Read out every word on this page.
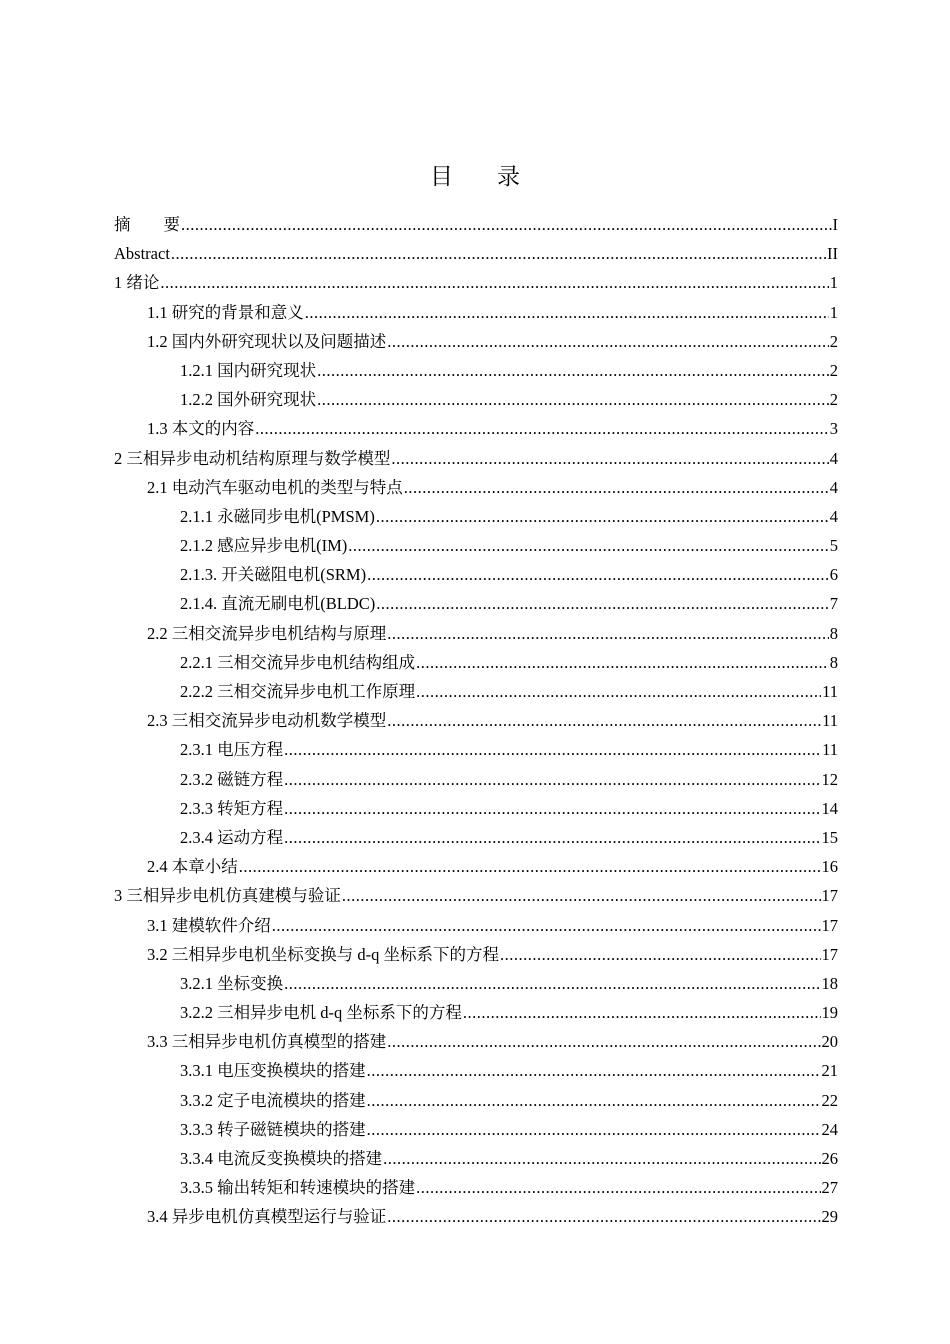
目 录
摘　　要 .....	I
Abstract .....	II
1 绪论 .....	1
1.1 研究的背景和意义 .....	1
1.2 国内外研究现状以及问题描述 .....	2
1.2.1 国内研究现状 .....	2
1.2.2 国外研究现状 .....	2
1.3 本文的内容 .....	3
2 三相异步电动机结构原理与数学模型 .....	4
2.1 电动汽车驱动电机的类型与特点 .....	4
2.1.1 永磁同步电机(PMSM) .....	4
2.1.2 感应异步电机(IM) .....	5
2.1.3. 开关磁阻电机(SRM) .....	6
2.1.4. 直流无刷电机(BLDC) .....	7
2.2 三相交流异步电机结构与原理 .....	8
2.2.1 三相交流异步电机结构组成 .....	8
2.2.2 三相交流异步电机工作原理 .....	11
2.3 三相交流异步电动机数学模型 .....	11
2.3.1 电压方程 .....	11
2.3.2 磁链方程 .....	12
2.3.3 转矩方程 .....	14
2.3.4 运动方程 .....	15
2.4 本章小结 .....	16
3 三相异步电机仿真建模与验证 .....	17
3.1 建模软件介绍 .....	17
3.2 三相异步电机坐标变换与 d-q 坐标系下的方程 .....	17
3.2.1 坐标变换 .....	18
3.2.2 三相异步电机 d-q 坐标系下的方程 .....	19
3.3 三相异步电机仿真模型的搭建 .....	20
3.3.1 电压变换模块的搭建 .....	21
3.3.2 定子电流模块的搭建 .....	22
3.3.3 转子磁链模块的搭建 .....	24
3.3.4 电流反变换模块的搭建 .....	26
3.3.5 输出转矩和转速模块的搭建 .....	27
3.4 异步电机仿真模型运行与验证 .....	29
